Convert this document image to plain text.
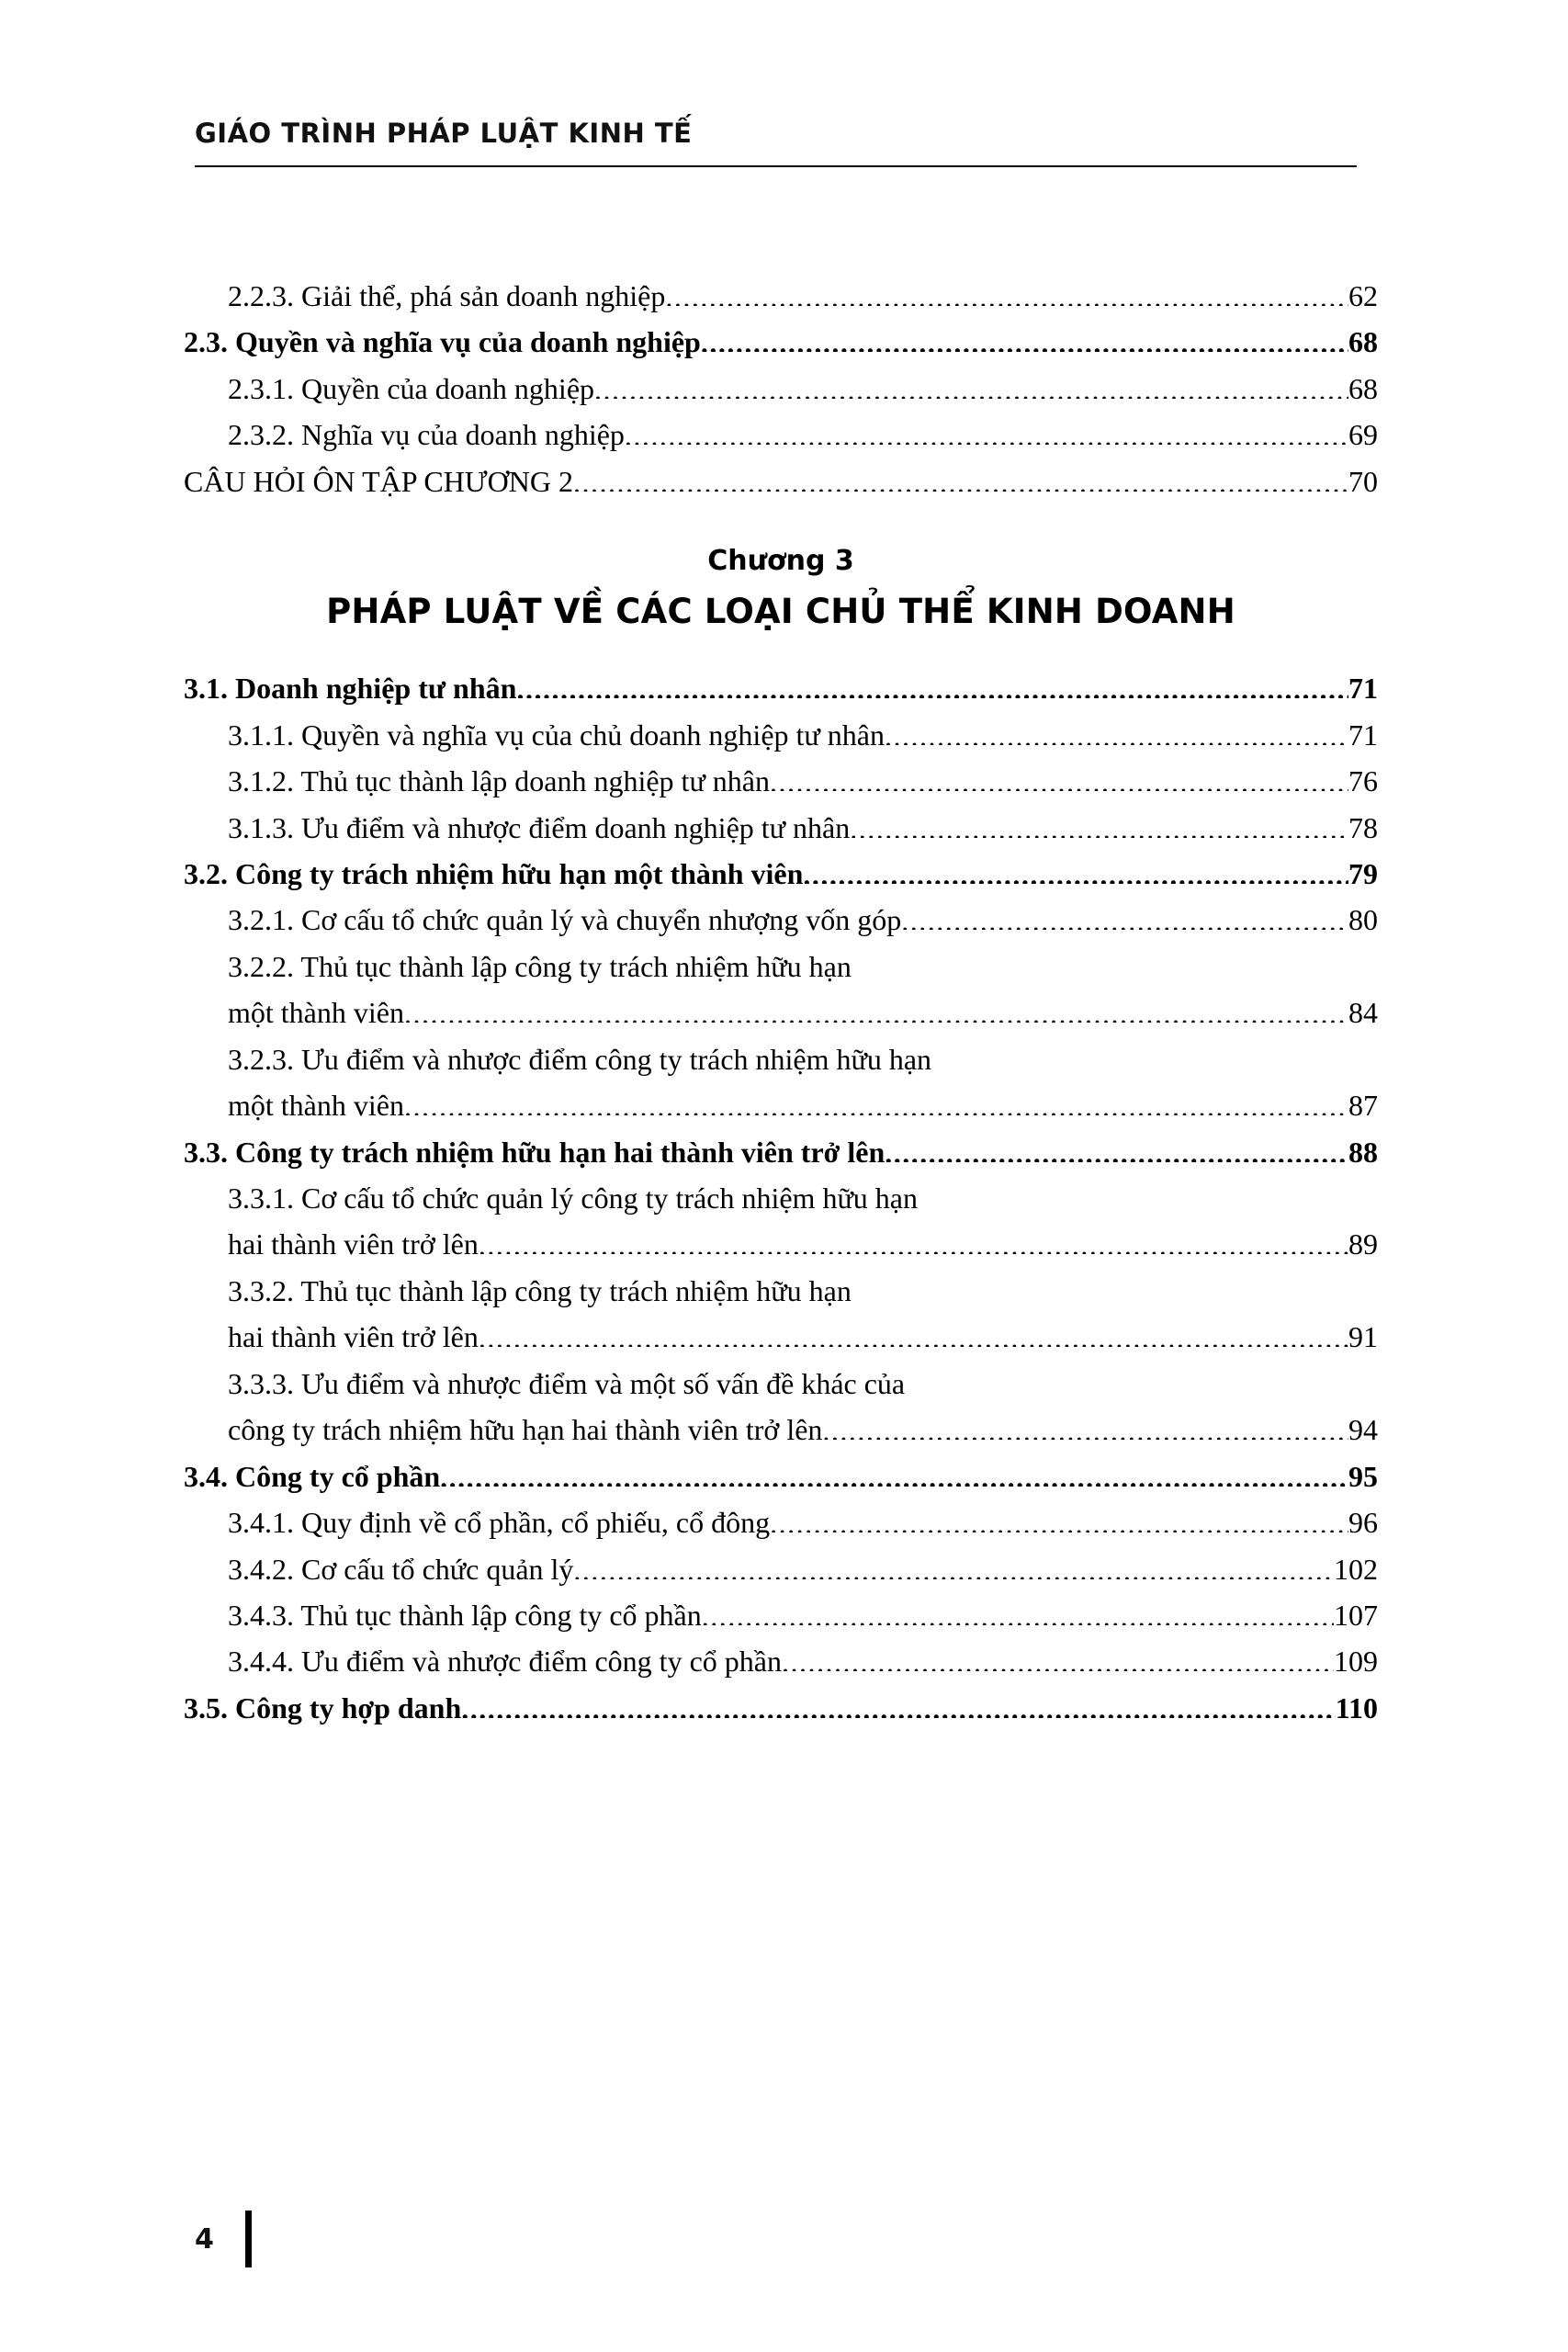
GIÁO TRÌNH PHÁP LUẬT KINH TẾ
2.2.3. Giải thể, phá sản doanh nghiệp .....	62
2.3. Quyền và nghĩa vụ của doanh nghiệp .....	68
2.3.1. Quyền của doanh nghiệp .....	68
2.3.2. Nghĩa vụ của doanh nghiệp .....	69
CÂU HỎI ÔN TẬP CHƯƠNG 2 .....	70
Chương 3
PHÁP LUẬT VỀ CÁC LOẠI CHỦ THỂ KINH DOANH
3.1. Doanh nghiệp tư nhân .....	71
3.1.1. Quyền và nghĩa vụ của chủ doanh nghiệp tư nhân .....	71
3.1.2. Thủ tục thành lập doanh nghiệp tư nhân .....	76
3.1.3. Ưu điểm và nhược điểm doanh nghiệp tư nhân .....	78
3.2. Công ty trách nhiệm hữu hạn một thành viên .....	79
3.2.1. Cơ cấu tổ chức quản lý và chuyển nhượng vốn góp .....	80
3.2.2. Thủ tục thành lập công ty trách nhiệm hữu hạn
một thành viên .....	84
3.2.3. Ưu điểm và nhược điểm công ty trách nhiệm hữu hạn
một thành viên .....	87
3.3. Công ty trách nhiệm hữu hạn hai thành viên trở lên .....	88
3.3.1. Cơ cấu tổ chức quản lý công ty trách nhiệm hữu hạn
hai thành viên trở lên .....	89
3.3.2. Thủ tục thành lập công ty trách nhiệm hữu hạn
hai thành viên trở lên .....	91
3.3.3. Ưu điểm và nhược điểm và một số vấn đề khác của
công ty trách nhiệm hữu hạn hai thành viên trở lên .....	94
3.4. Công ty cổ phần .....	95
3.4.1. Quy định về cổ phần, cổ phiếu, cổ đông .....	96
3.4.2. Cơ cấu tổ chức quản lý .....	102
3.4.3. Thủ tục thành lập công ty cổ phần .....	107
3.4.4. Ưu điểm và nhược điểm công ty cổ phần .....	109
3.5. Công ty hợp danh .....	110
4
